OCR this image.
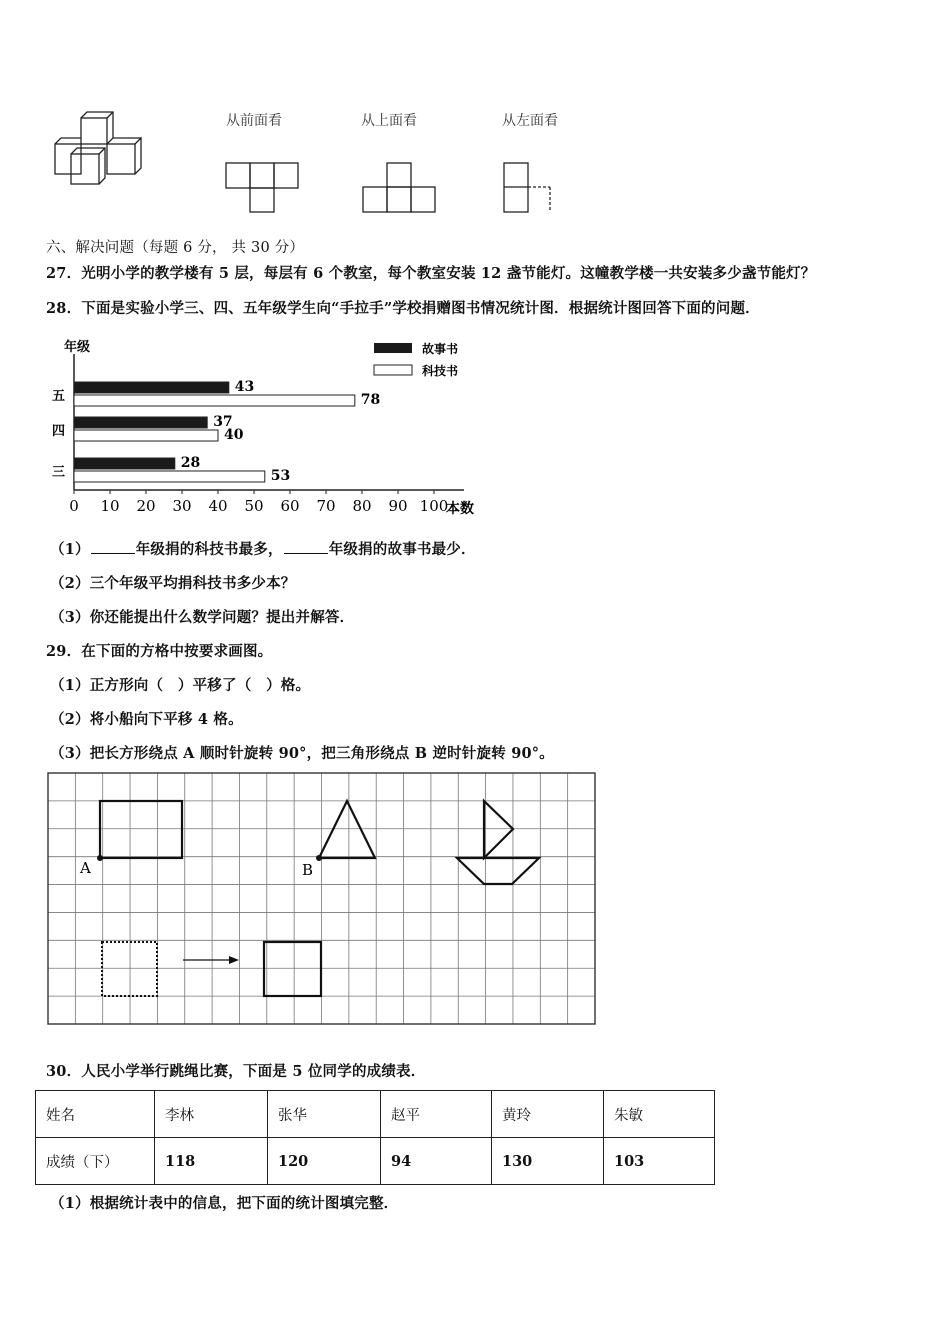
从前面看	从上面看	从左面看
六、解决问题（每题 6 分， 共 30 分）
27．光明小学的教学楼有 5 层，每层有 6 个教室，每个教室安装 12 盏节能灯。这幢教学楼一共安装多少盏节能灯？
28．下面是实验小学三、四、五年级学生向“手拉手”学校捐赠图书情况统计图．根据统计图回答下面的问题．
年级
本数
故事书
科技书
五
43
78
四
37
40
三
28
53
0 10 20 30 40 50 60 70 80 90 100
（1）	年级捐的科技书最多，	年级捐的故事书最少．
（2）三个年级平均捐科技书多少本？
（3）你还能提出什么数学问题？提出并解答．
29．在下面的方格中按要求画图。
（1）正方形向（　）平移了（　）格。
（2）将小船向下平移 4 格。
（3）把长方形绕点 A 顺时针旋转 90°，把三角形绕点 B 逆时针旋转 90°。
A	B
30．人民小学举行跳绳比赛，下面是 5 位同学的成绩表．
姓名	李林	张华	赵平	黄玲	朱敏
成绩（下）	118	120	94	130	103
（1）根据统计表中的信息，把下面的统计图填完整．
